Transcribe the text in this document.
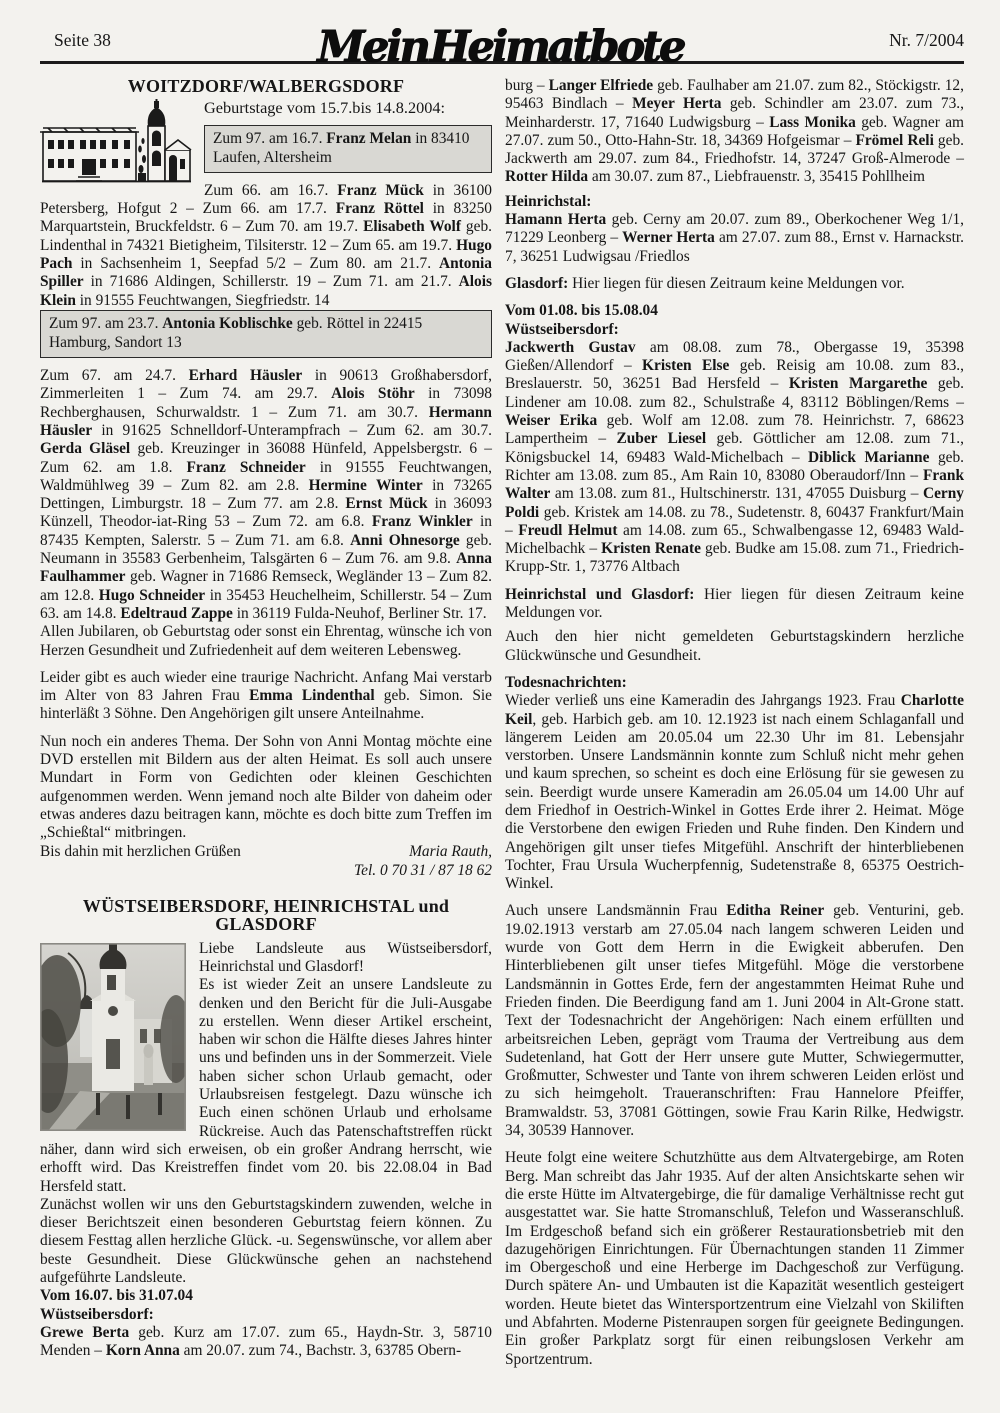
Seite 38	Nr. 7/2004
Mein Heimatbote
WOITZDORF/WALBERGSDORF

Geburtstage vom 15.7.bis 14.8.2004:

Zum 97. am 16.7. Franz Melan in 83410 Laufen, Altersheim

Zum 66. am 16.7. Franz Mück in 36100 Petersberg, Hofgut 2 – Zum 66. am 17.7. Franz Röttel in 83250 Marquartstein, Bruckfeldstr. 6 – Zum 70. am 19.7. Elisabeth Wolf geb. Lindenthal in 74321 Bietigheim, Tilsiterstr. 12 – Zum 65. am 19.7. Hugo Pach in Sachsenheim 1, Seepfad 5/2 – Zum 80. am 21.7. Antonia Spiller in 71686 Aldingen, Schillerstr. 19 – Zum 71. am 21.7. Alois Klein in 91555 Feuchtwangen, Siegfriedstr. 14

Zum 97. am 23.7. Antonia Koblischke geb. Röttel in 22415 Hamburg, Sandort 13

Zum 67. am 24.7. Erhard Häusler in 90613 Großhabersdorf, Zimmerleiten 1 – Zum 74. am 29.7. Alois Stöhr in 73098 Rechberghausen, Schurwaldstr. 1 – Zum 71. am 30.7. Hermann Häusler in 91625 Schnelldorf-Unterampfrach – Zum 62. am 30.7. Gerda Gläsel geb. Kreuzinger in 36088 Hünfeld, Appelsbergstr. 6 – Zum 62. am 1.8. Franz Schneider in 91555 Feuchtwangen, Waldmühlweg 39 – Zum 82. am 2.8. Hermine Winter in 73265 Dettingen, Limburgstr. 18 – Zum 77. am 2.8. Ernst Mück in 36093 Künzell, Theodor-iat-Ring 53 – Zum 72. am 6.8. Franz Winkler in 87435 Kempten, Salerstr. 5 – Zum 71. am 6.8. Anni Ohnesorge geb. Neumann in 35583 Gerbenheim, Talsgärten 6 – Zum 76. am 9.8. Anna Faulhammer geb. Wagner in 71686 Remseck, Wegländer 13 – Zum 82. am 12.8. Hugo Schneider in 35453 Heuchelheim, Schillerstr. 54 – Zum 63. am 14.8. Edeltraud Zappe in 36119 Fulda-Neuhof, Berliner Str. 17.

Allen Jubilaren, ob Geburtstag oder sonst ein Ehrentag, wünsche ich von Herzen Gesundheit und Zufriedenheit auf dem weiteren Lebensweg.

Leider gibt es auch wieder eine traurige Nachricht. Anfang Mai verstarb im Alter von 83 Jahren Frau Emma Lindenthal geb. Simon. Sie hinterläßt 3 Söhne. Den Angehörigen gilt unsere Anteilnahme.

Nun noch ein anderes Thema. Der Sohn von Anni Montag möchte eine DVD erstellen mit Bildern aus der alten Heimat. Es soll auch unsere Mundart in Form von Gedichten oder kleinen Geschichten aufgenommen werden. Wenn jemand noch alte Bilder von daheim oder etwas anderes dazu beitragen kann, möchte es doch bitte zum Treffen im „Schießtal“ mitbringen.

Bis dahin mit herzlichen Grüßen	Maria Rauth,
Tel. 0 70 31 / 87 18 62
WÜSTSEIBERSDORF, HEINRICHSTAL und GLASDORF

Liebe Landsleute aus Wüstseibersdorf, Heinrichstal und Glasdorf!
Es ist wieder Zeit an unsere Landsleute zu denken und den Bericht für die Juli-Ausgabe zu erstellen. Wenn dieser Artikel erscheint, haben wir schon die Hälfte dieses Jahres hinter uns und befinden uns in der Sommerzeit. Viele haben sicher schon Urlaub gemacht, oder Urlaubsreisen festgelegt. Dazu wünsche ich Euch einen schönen Urlaub und erholsame Rückreise. Auch das Patenschaftstreffen rückt näher, dann wird sich erweisen, ob ein großer Andrang herrscht, wie erhofft wird. Das Kreistreffen findet vom 20. bis 22.08.04 in Bad Hersfeld statt.

Zunächst wollen wir uns den Geburtstagskindern zuwenden, welche in dieser Berichtszeit einen besonderen Geburtstag feiern können. Zu diesem Festtag allen herzliche Glück. -u. Segenswünsche, vor allem aber beste Gesundheit. Diese Glückwünsche gehen an nachstehend aufgeführte Landsleute.

Vom 16.07. bis 31.07.04

Wüstseibersdorf:

Grewe Berta geb. Kurz am 17.07. zum 65., Haydn-Str. 3, 58710 Menden – Korn Anna am 20.07. zum 74., Bachstr. 3, 63785 Obern-

burg – Langer Elfriede geb. Faulhaber am 21.07. zum 82., Stöckigstr. 12, 95463 Bindlach – Meyer Herta geb. Schindler am 23.07. zum 73., Meinharderstr. 17, 71640 Ludwigsburg – Lass Monika geb. Wagner am 27.07. zum 50., Otto-Hahn-Str. 18, 34369 Hofgeismar – Frömel Reli geb. Jackwerth am 29.07. zum 84., Friedhofstr. 14, 37247 Groß-Almerode – Rotter Hilda am 30.07. zum 87., Liebfrauenstr. 3, 35415 Pohllheim

Heinrichstal:

Hamann Herta geb. Cerny am 20.07. zum 89., Oberkochener Weg 1/1, 71229 Leonberg – Werner Herta am 27.07. zum 88., Ernst v. Harnackstr. 7, 36251 Ludwigsau /Friedlos

Glasdorf: Hier liegen für diesen Zeitraum keine Meldungen vor.

Vom 01.08. bis 15.08.04

Wüstseibersdorf:

Jackwerth Gustav am 08.08. zum 78., Obergasse 19, 35398 Gießen/Allendorf – Kristen Else geb. Reisig am 10.08. zum 83., Breslauerstr. 50, 36251 Bad Hersfeld – Kristen Margarethe geb. Lindener am 10.08. zum 82., Schulstraße 4, 83112 Böblingen/Rems – Weiser Erika geb. Wolf am 12.08. zum 78. Heinrichstr. 7, 68623 Lampertheim – Zuber Liesel geb. Göttlicher am 12.08. zum 71., Königsbuckel 14, 69483 Wald-Michelbach – Diblick Marianne geb. Richter am 13.08. zum 85., Am Rain 10, 83080 Oberaudorf/Inn – Frank Walter am 13.08. zum 81., Hultschinerstr. 131, 47055 Duisburg – Cerny Poldi geb. Kristek am 14.08. zu 78., Sudetenstr. 8, 60437 Frankfurt/Main – Freudl Helmut am 14.08. zum 65., Schwalbengasse 12, 69483 Wald-Michelbachk – Kristen Renate geb. Budke am 15.08. zum 71., Friedrich-Krupp-Str. 1, 73776 Altbach

Heinrichstal und Glasdorf: Hier liegen für diesen Zeitraum keine Meldungen vor.

Auch den hier nicht gemeldeten Geburtstagskindern herzliche Glückwünsche und Gesundheit.

Todesnachrichten:

Wieder verließ uns eine Kameradin des Jahrgangs 1923. Frau Charlotte Keil, geb. Harbich geb. am 10. 12.1923 ist nach einem Schlaganfall und längerem Leiden am 20.05.04 um 22.30 Uhr im 81. Lebensjahr verstorben. Unsere Landsmännin konnte zum Schluß nicht mehr gehen und kaum sprechen, so scheint es doch eine Erlösung für sie gewesen zu sein. Beerdigt wurde unsere Kameradin am 26.05.04 um 14.00 Uhr auf dem Friedhof in Oestrich-Winkel in Gottes Erde ihrer 2. Heimat. Möge die Verstorbene den ewigen Frieden und Ruhe finden. Den Kindern und Angehörigen gilt unser tiefes Mitgefühl. Anschrift der hinterbliebenen Tochter, Frau Ursula Wucherpfennig, Sudetenstraße 8, 65375 Oestrich-Winkel.

Auch unsere Landsmännin Frau Editha Reiner geb. Venturini, geb. 19.02.1913 verstarb am 27.05.04 nach langem schweren Leiden und wurde von Gott dem Herrn in die Ewigkeit abberufen. Den Hinterbliebenen gilt unser tiefes Mitgefühl. Möge die verstorbene Landsmännin in Gottes Erde, fern der angestammten Heimat Ruhe und Frieden finden. Die Beerdigung fand am 1. Juni 2004 in Alt-Grone statt. Text der Todesnachricht der Angehörigen: Nach einem erfüllten und arbeitsreichen Leben, geprägt vom Trauma der Vertreibung aus dem Sudetenland, hat Gott der Herr unsere gute Mutter, Schwiegermutter, Großmutter, Schwester und Tante von ihrem schweren Leiden erlöst und zu sich heimgeholt. Traueranschriften: Frau Hannelore Pfeiffer, Bramwaldstr. 53, 37081 Göttingen, sowie Frau Karin Rilke, Hedwigstr. 34, 30539 Hannover.

Heute folgt eine weitere Schutzhütte aus dem Altvatergebirge, am Roten Berg. Man schreibt das Jahr 1935. Auf der alten Ansichtskarte sehen wir die erste Hütte im Altvatergebirge, die für damalige Verhältnisse recht gut ausgestattet war. Sie hatte Stromanschluß, Telefon und Wasseranschluß. Im Erdgeschoß befand sich ein größerer Restaurationsbetrieb mit den dazugehörigen Einrichtungen. Für Übernachtungen standen 11 Zimmer im Obergeschoß und eine Herberge im Dachgeschoß zur Verfügung. Durch spätere An- und Umbauten ist die Kapazität wesentlich gesteigert worden. Heute bietet das Wintersportzentrum eine Vielzahl von Skiliften und Abfahrten. Moderne Pistenraupen sorgen für geeignete Bedingungen. Ein großer Parkplatz sorgt für einen reibungslosen Verkehr am Sportzentrum.
